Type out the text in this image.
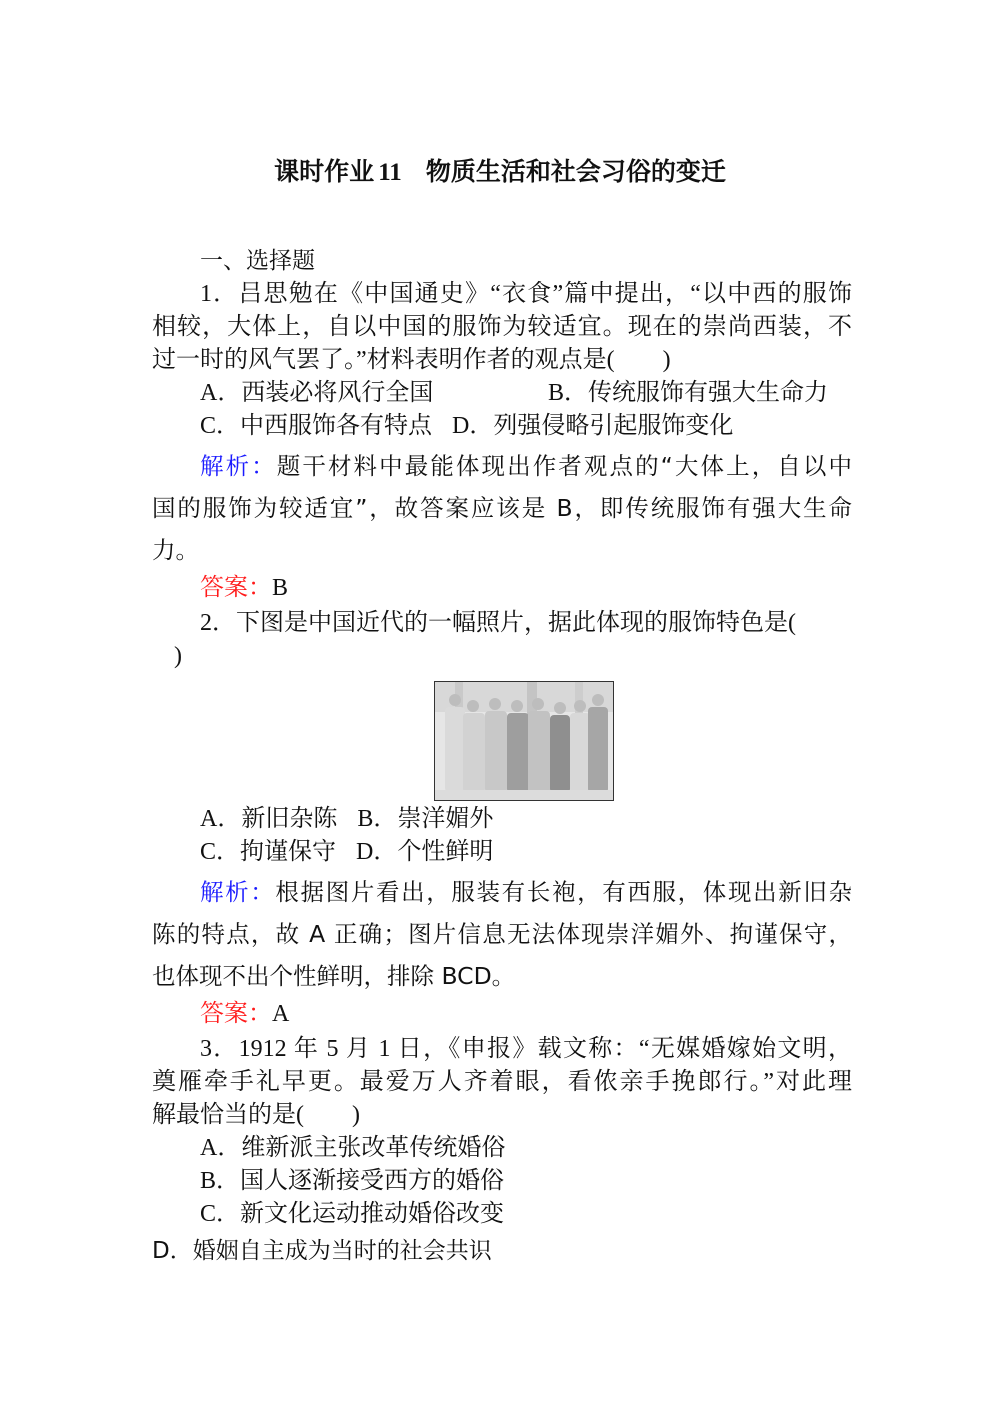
课时作业 11 物质生活和社会习俗的变迁
一、选择题
1．吕思勉在《中国通史》“衣食”篇中提出，“以中西的服饰
相较，大体上，自以中国的服饰为较适宜。现在的崇尚西装，不
过一时的风气罢了。”材料表明作者的观点是(　　)
A．西装必将风行全国	B．传统服饰有强大生命力
C．中西服饰各有特点 D．列强侵略引起服饰变化
解析：题干材料中最能体现出作者观点的“大体上，自以中
国的服饰为较适宜”，故答案应该是 B，即传统服饰有强大生命
力。
答案：B
2．下图是中国近代的一幅照片，据此体现的服饰特色是(
)
A．新旧杂陈 B．崇洋媚外
C．拘谨保守 D．个性鲜明
解析：根据图片看出，服装有长袍，有西服，体现出新旧杂
陈的特点，故 A 正确；图片信息无法体现崇洋媚外、拘谨保守，
也体现不出个性鲜明，排除 BCD。
答案：A
3．1912 年 5 月 1 日，《申报》载文称：“无媒婚嫁始文明，
奠雁牵手礼早更。最爱万人齐着眼，看侬亲手挽郎行。”对此理
解最恰当的是(　　)
A．维新派主张改革传统婚俗
B．国人逐渐接受西方的婚俗
C．新文化运动推动婚俗改变
D．婚姻自主成为当时的社会共识
